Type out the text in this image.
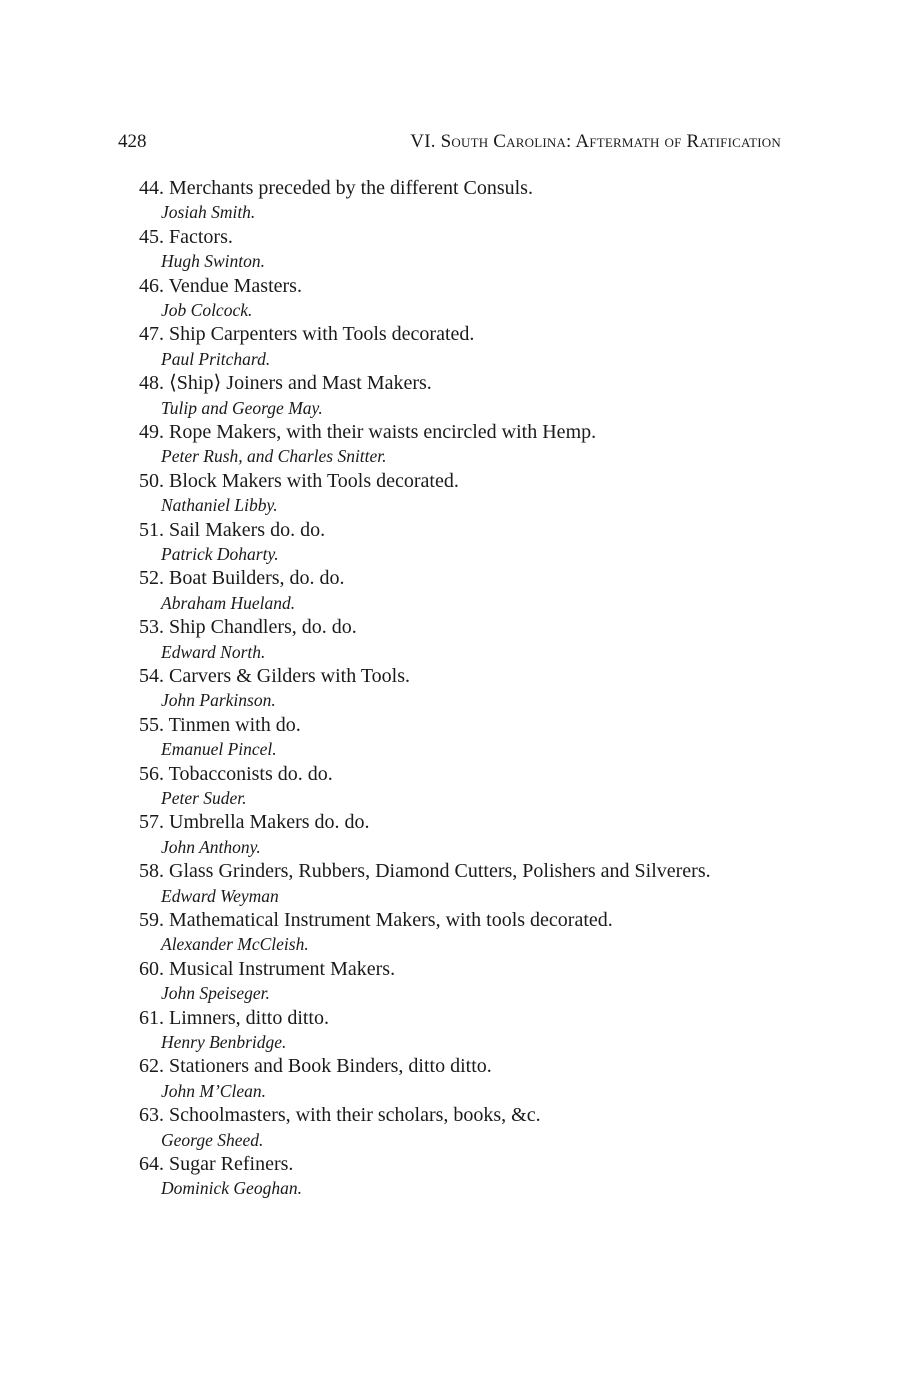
428	VI. South Carolina: Aftermath of Ratification
44. Merchants preceded by the different Consuls.
Josiah Smith.
45. Factors.
Hugh Swinton.
46. Vendue Masters.
Job Colcock.
47. Ship Carpenters with Tools decorated.
Paul Pritchard.
48. ⟨Ship⟩ Joiners and Mast Makers.
Tulip and George May.
49. Rope Makers, with their waists encircled with Hemp.
Peter Rush, and Charles Snitter.
50. Block Makers with Tools decorated.
Nathaniel Libby.
51. Sail Makers do. do.
Patrick Doharty.
52. Boat Builders, do. do.
Abraham Hueland.
53. Ship Chandlers, do. do.
Edward North.
54. Carvers & Gilders with Tools.
John Parkinson.
55. Tinmen with do.
Emanuel Pincel.
56. Tobacconists do. do.
Peter Suder.
57. Umbrella Makers do. do.
John Anthony.
58. Glass Grinders, Rubbers, Diamond Cutters, Polishers and Silverers.
Edward Weyman
59. Mathematical Instrument Makers, with tools decorated.
Alexander McCleish.
60. Musical Instrument Makers.
John Speiseger.
61. Limners, ditto ditto.
Henry Benbridge.
62. Stationers and Book Binders, ditto ditto.
John M’Clean.
63. Schoolmasters, with their scholars, books, &c.
George Sheed.
64. Sugar Refiners.
Dominick Geoghan.
